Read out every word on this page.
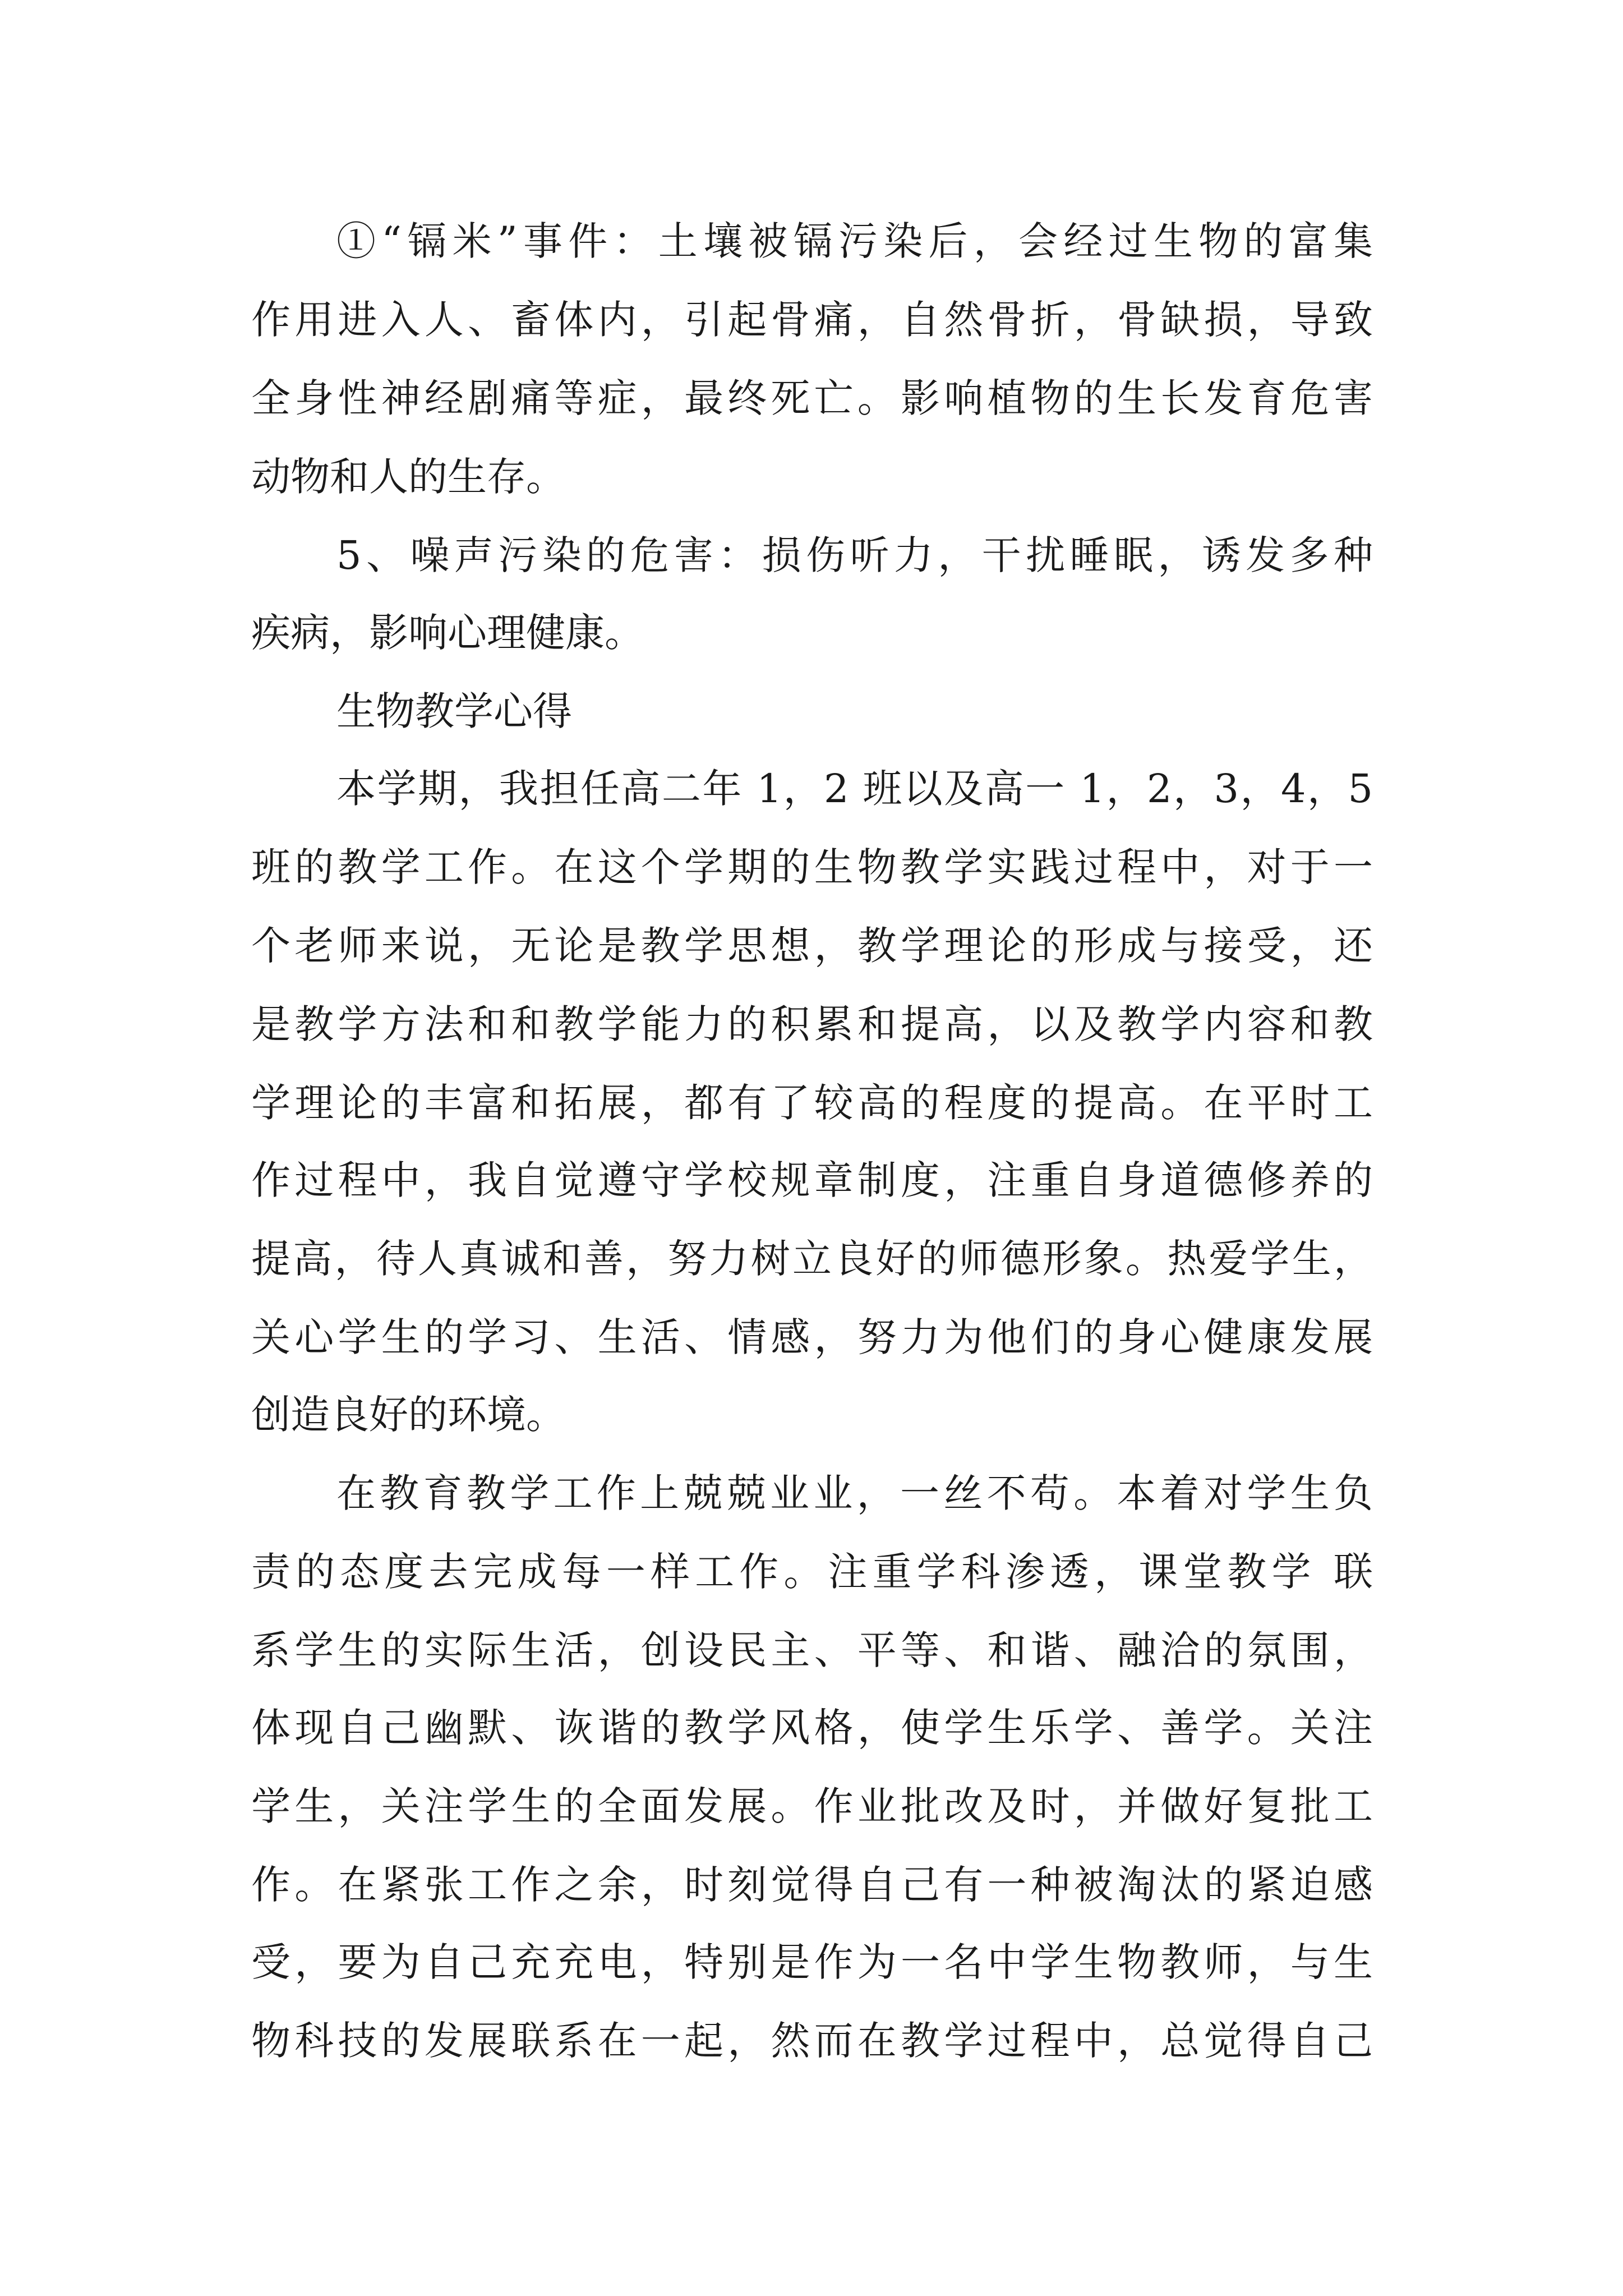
①“镉米”事件：土壤被镉污染后，会经过生物的富集
作用进入人、畜体内，引起骨痛，自然骨折，骨缺损，导致
全身性神经剧痛等症，最终死亡。影响植物的生长发育危害
动物和人的生存。
5、噪声污染的危害：损伤听力，干扰睡眠，诱发多种
疾病，影响心理健康。
生物教学心得
本学期，我担任高二年 1，2 班以及高一 1，2，3，4，5
班的教学工作。在这个学期的生物教学实践过程中，对于一
个老师来说，无论是教学思想，教学理论的形成与接受，还
是教学方法和和教学能力的积累和提高，以及教学内容和教
学理论的丰富和拓展，都有了较高的程度的提高。在平时工
作过程中，我自觉遵守学校规章制度，注重自身道德修养的
提高，待人真诚和善，努力树立良好的师德形象。热爱学生，
关心学生的学习、生活、情感，努力为他们的身心健康发展
创造良好的环境。
在教育教学工作上兢兢业业，一丝不苟。本着对学生负
责的态度去完成每一样工作。注重学科渗透，课堂教学 联
系学生的实际生活，创设民主、平等、和谐、融洽的氛围，
体现自己幽默、诙谐的教学风格，使学生乐学、善学。关注
学生，关注学生的全面发展。作业批改及时，并做好复批工
作。在紧张工作之余，时刻觉得自己有一种被淘汰的紧迫感
受，要为自己充充电，特别是作为一名中学生物教师，与生
物科技的发展联系在一起，然而在教学过程中，总觉得自己
